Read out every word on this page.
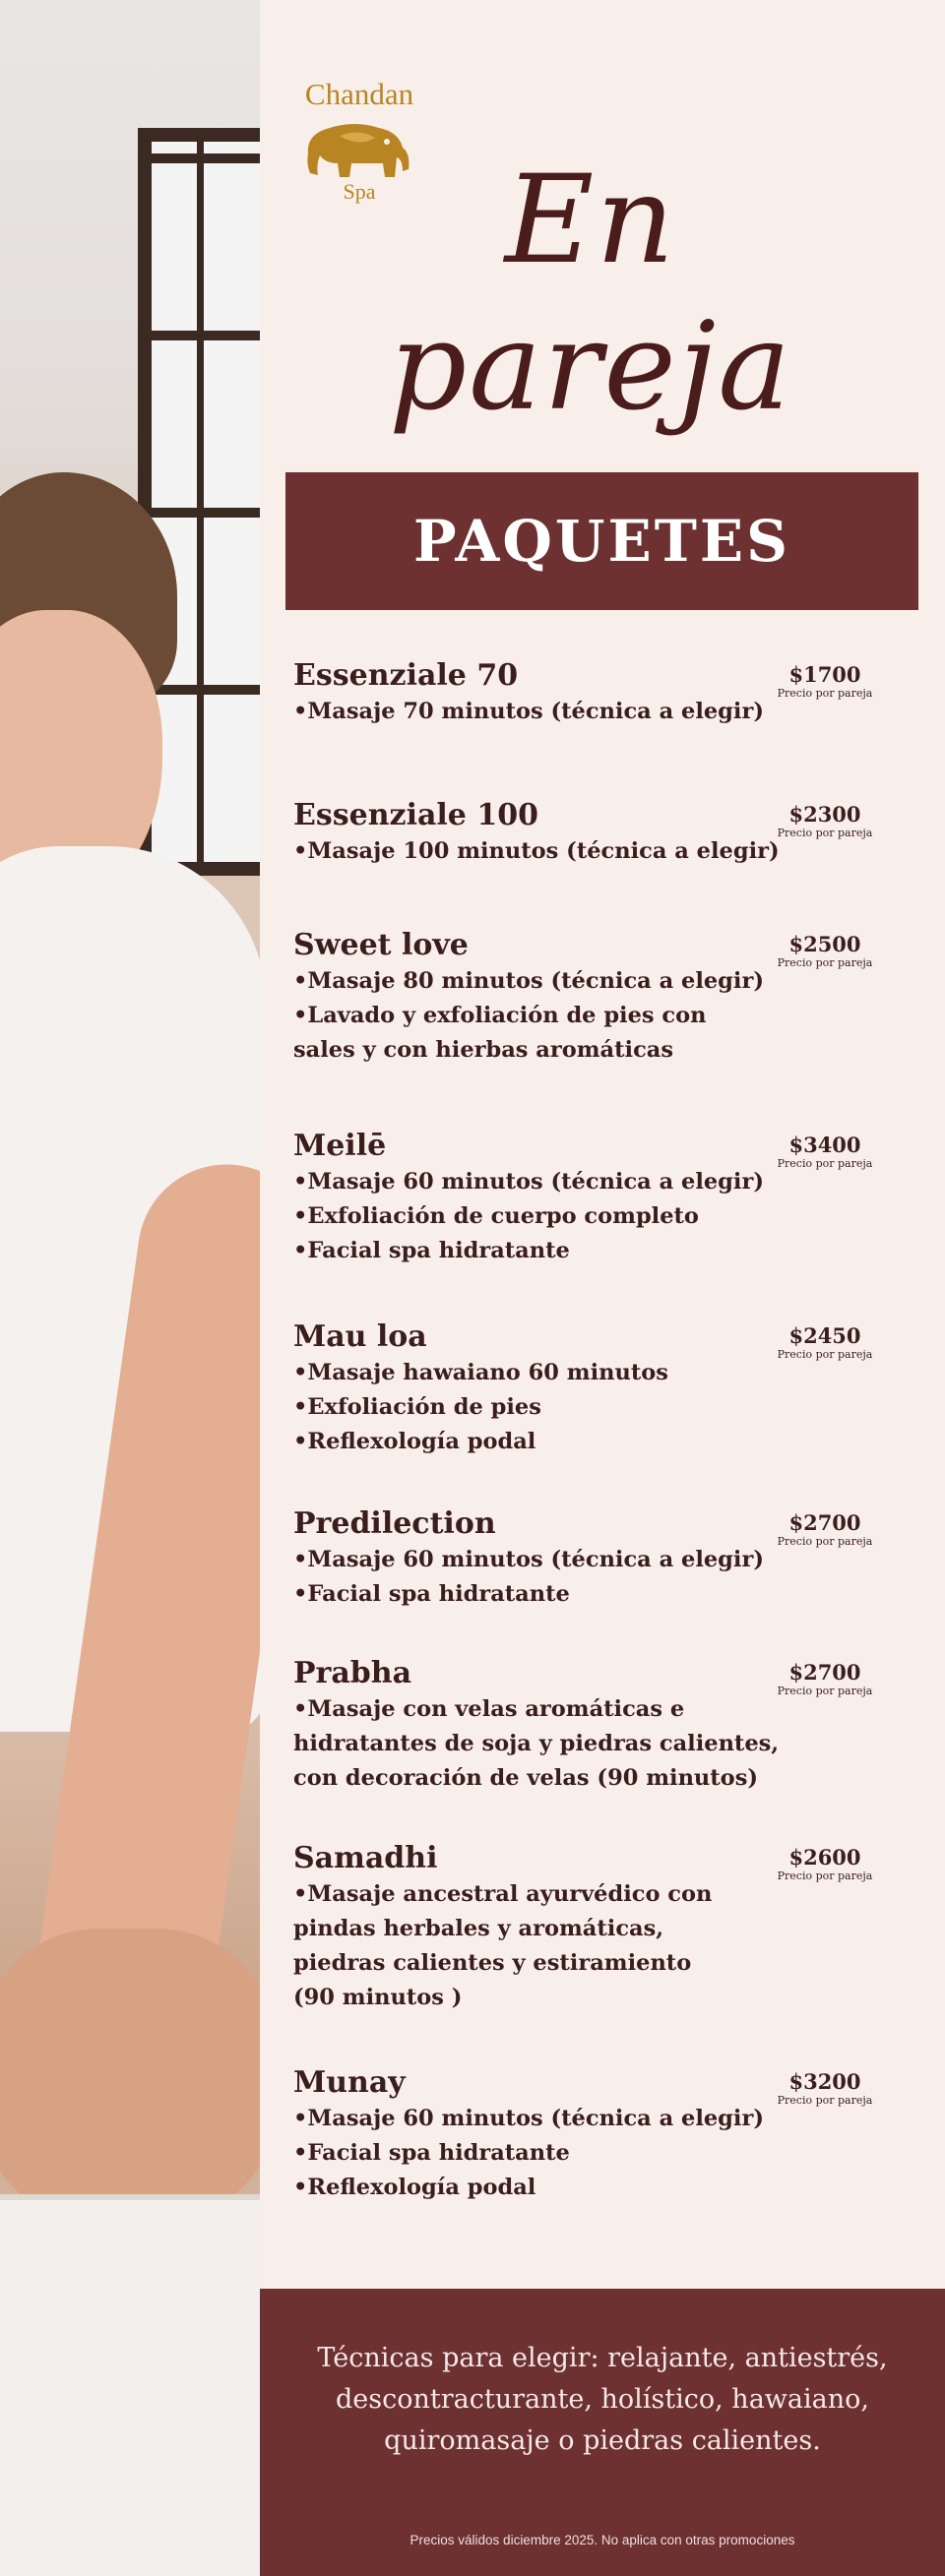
Chandan
Spa	En pareja
PAQUETES
Essenziale 70
•Masaje 70 minutos (técnica a elegir)
$1700
Precio por pareja
Essenziale 100
•Masaje 100 minutos (técnica a elegir)
$2300
Precio por pareja
Sweet love
•Masaje 80 minutos (técnica a elegir)
•Lavado y exfoliación de pies con
sales y con hierbas aromáticas
$2500
Precio por pareja
Meilē
•Masaje 60 minutos (técnica a elegir)
•Exfoliación de cuerpo completo
•Facial spa hidratante
$3400
Precio por pareja
Mau loa
•Masaje hawaiano 60 minutos
•Exfoliación de pies
•Reflexología podal
$2450
Precio por pareja
Predilection
•Masaje 60 minutos (técnica a elegir)
•Facial spa hidratante
$2700
Precio por pareja
Prabha
•Masaje con velas aromáticas e
hidratantes de soja y piedras calientes,
con decoración de velas (90 minutos)
$2700
Precio por pareja
Samadhi
•Masaje ancestral ayurvédico con
pindas herbales y aromáticas,
piedras calientes y estiramiento
(90 minutos )
$2600
Precio por pareja
Munay
•Masaje 60 minutos (técnica a elegir)
•Facial spa hidratante
•Reflexología podal
$3200
Precio por pareja
Técnicas para elegir: relajante, antiestrés, descontracturante, holístico, hawaiano, quiromasaje o piedras calientes.
Precios válidos diciembre 2025. No aplica con otras promociones
